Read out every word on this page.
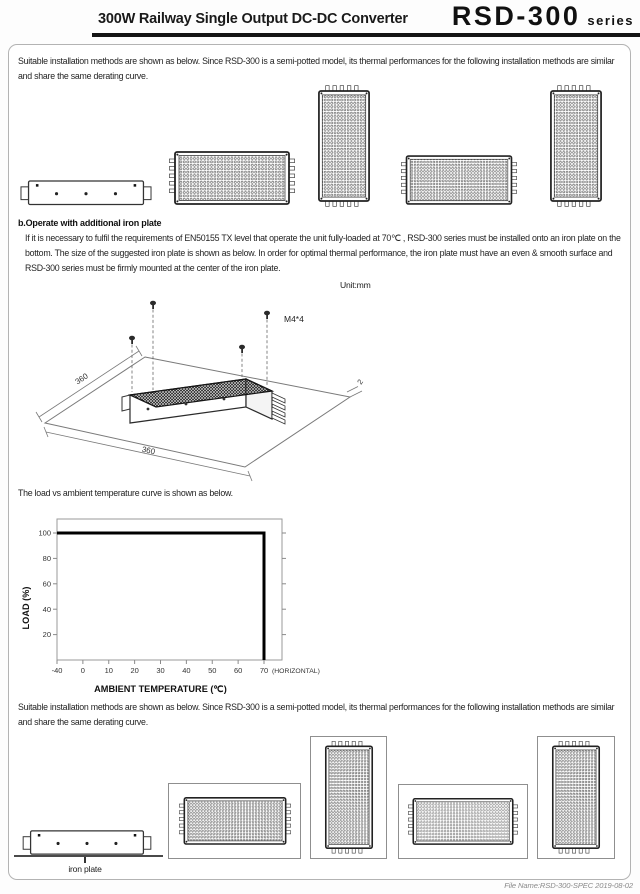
300W Railway Single Output DC-DC Converter RSD-300 series
Suitable installation methods are shown as below. Since RSD-300 is a semi-potted model, its thermal performances for the following installation methods are similar and share the same derating curve.
b.Operate with additional iron plate
If it is necessary to fulfil the requirements of EN50155 TX level that operate the unit fully-loaded at 70℃ , RSD-300 series must be installed onto an iron plate on the bottom. The size of the suggested iron plate is shown as below. In order for optimal thermal performance, the iron plate must have an even & smooth surface and RSD-300 series must be firmly mounted at the center of the iron plate.
Unit:mm
360
360	2
M4*4
The load vs ambient temperature curve is shown as below.
20
40
60
80
100
-40 0	10 20 30 40 50 60 70 (HORIZONTAL)
AMBIENT TEMPERATURE (℃)
LOAD (%)
Suitable installation methods are shown as below. Since RSD-300 is a semi-potted model, its thermal performances for the following installation methods are similar and share the same derating curve.
iron plate
File Name:RSD-300-SPEC 2019-08-02
